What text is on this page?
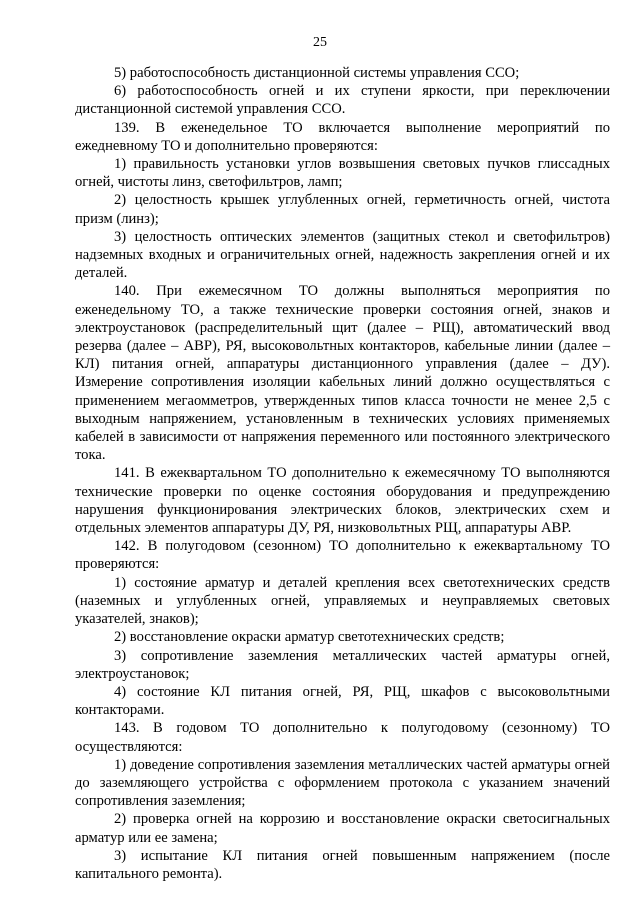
25

5) работоспособность дистанционной системы управления ССО;

6) работоспособность огней и их ступени яркости, при переключении дистанционной системой управления ССО.

139. В еженедельное ТО включается выполнение мероприятий по ежедневному ТО и дополнительно проверяются:

1) правильность установки углов возвышения световых пучков глиссадных огней, чистоты линз, светофильтров, ламп;

2) целостность крышек углубленных огней, герметичность огней, чистота призм (линз);

3) целостность оптических элементов (защитных стекол и светофильтров) надземных входных и ограничительных огней, надежность закрепления огней и их деталей.

140. При ежемесячном ТО должны выполняться мероприятия по еженедельному ТО, а также технические проверки состояния огней, знаков и электроустановок (распределительный щит (далее – РЩ), автоматический ввод резерва (далее – АВР), РЯ, высоковольтных контакторов, кабельные линии (далее – КЛ) питания огней, аппаратуры дистанционного управления (далее – ДУ). Измерение сопротивления изоляции кабельных линий должно осуществляться с применением мегаомметров, утвержденных типов класса точности не менее 2,5 с выходным напряжением, установленным в технических условиях применяемых кабелей в зависимости от напряжения переменного или постоянного электрического тока.

141. В ежеквартальном ТО дополнительно к ежемесячному ТО выполняются технические проверки по оценке состояния оборудования и предупреждению нарушения функционирования электрических блоков, электрических схем и отдельных элементов аппаратуры ДУ, РЯ, низковольтных РЩ, аппаратуры АВР.

142. В полугодовом (сезонном) ТО дополнительно к ежеквартальному ТО проверяются:

1) состояние арматур и деталей крепления всех светотехнических средств (наземных и углубленных огней, управляемых и неуправляемых световых указателей, знаков);

2) восстановление окраски арматур светотехнических средств;

3) сопротивление заземления металлических частей арматуры огней, электроустановок;

4) состояние КЛ питания огней, РЯ, РЩ, шкафов с высоковольтными контакторами.

143. В годовом ТО дополнительно к полугодовому (сезонному) ТО осуществляются:

1) доведение сопротивления заземления металлических частей арматуры огней до заземляющего устройства с оформлением протокола с указанием значений сопротивления заземления;

2) проверка огней на коррозию и восстановление окраски светосигнальных арматур или ее замена;

3) испытание КЛ питания огней повышенным напряжением (после капитального ремонта).
